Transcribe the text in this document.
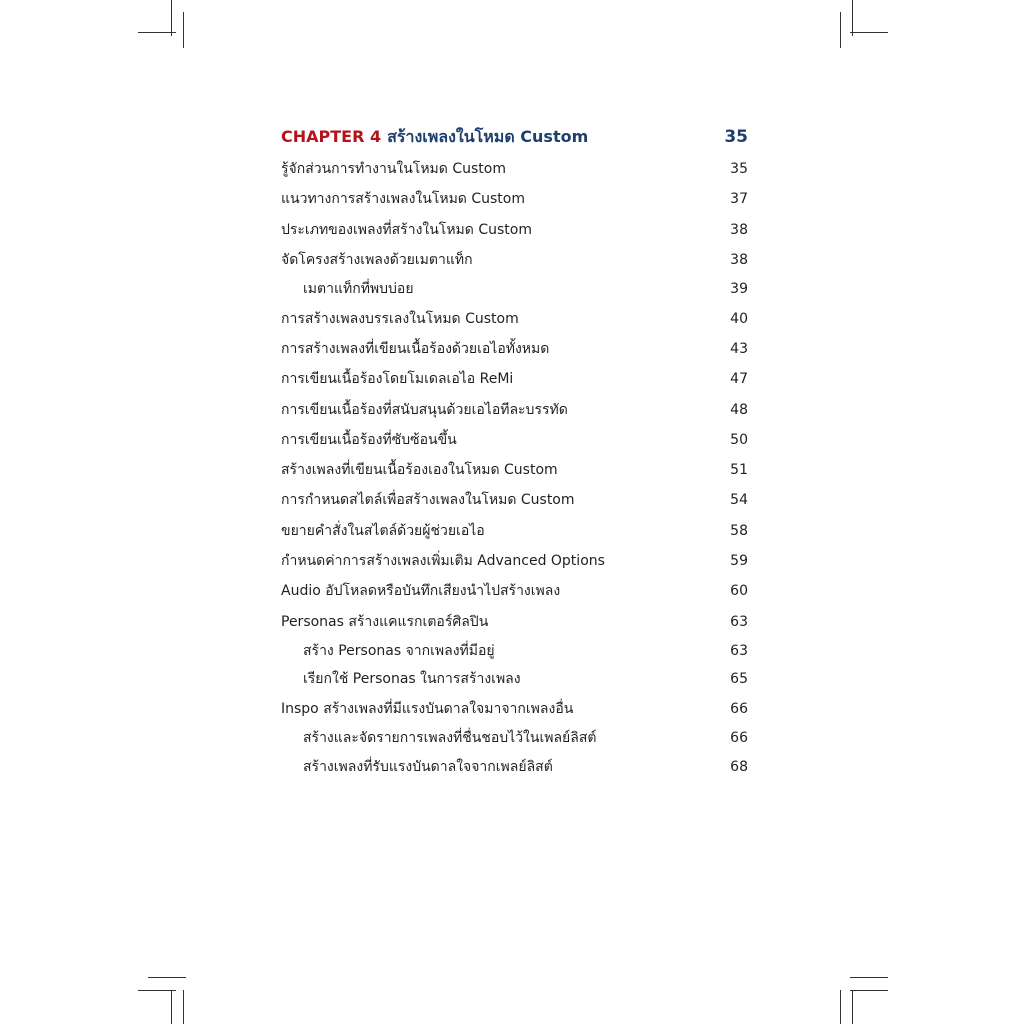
CHAPTER 4 สร้างเพลงในโหมด Custom	35
รู้จักส่วนการทำงานในโหมด Custom	35
แนวทางการสร้างเพลงในโหมด Custom	37
ประเภทของเพลงที่สร้างในโหมด Custom	38
จัดโครงสร้างเพลงด้วยเมตาแท็ก	38
เมตาแท็กที่พบบ่อย	39
การสร้างเพลงบรรเลงในโหมด Custom	40
การสร้างเพลงที่เขียนเนื้อร้องด้วยเอไอทั้งหมด	43
การเขียนเนื้อร้องโดยโมเดลเอไอ ReMi	47
การเขียนเนื้อร้องที่สนับสนุนด้วยเอไอทีละบรรทัด	48
การเขียนเนื้อร้องที่ซับซ้อนขึ้น	50
สร้างเพลงที่เขียนเนื้อร้องเองในโหมด Custom	51
การกำหนดสไตล์เพื่อสร้างเพลงในโหมด Custom	54
ขยายคำสั่งในสไตล์ด้วยผู้ช่วยเอไอ	58
กำหนดค่าการสร้างเพลงเพิ่มเติม Advanced Options	59
Audio อัปโหลดหรือบันทึกเสียงนำไปสร้างเพลง	60
Personas สร้างแคแรกเตอร์ศิลปิน	63
สร้าง Personas จากเพลงที่มีอยู่	63
เรียกใช้ Personas ในการสร้างเพลง	65
Inspo สร้างเพลงที่มีแรงบันดาลใจมาจากเพลงอื่น	66
สร้างและจัดรายการเพลงที่ชื่นชอบไว้ในเพลย์ลิสต์	66
สร้างเพลงที่รับแรงบันดาลใจจากเพลย์ลิสต์	68
